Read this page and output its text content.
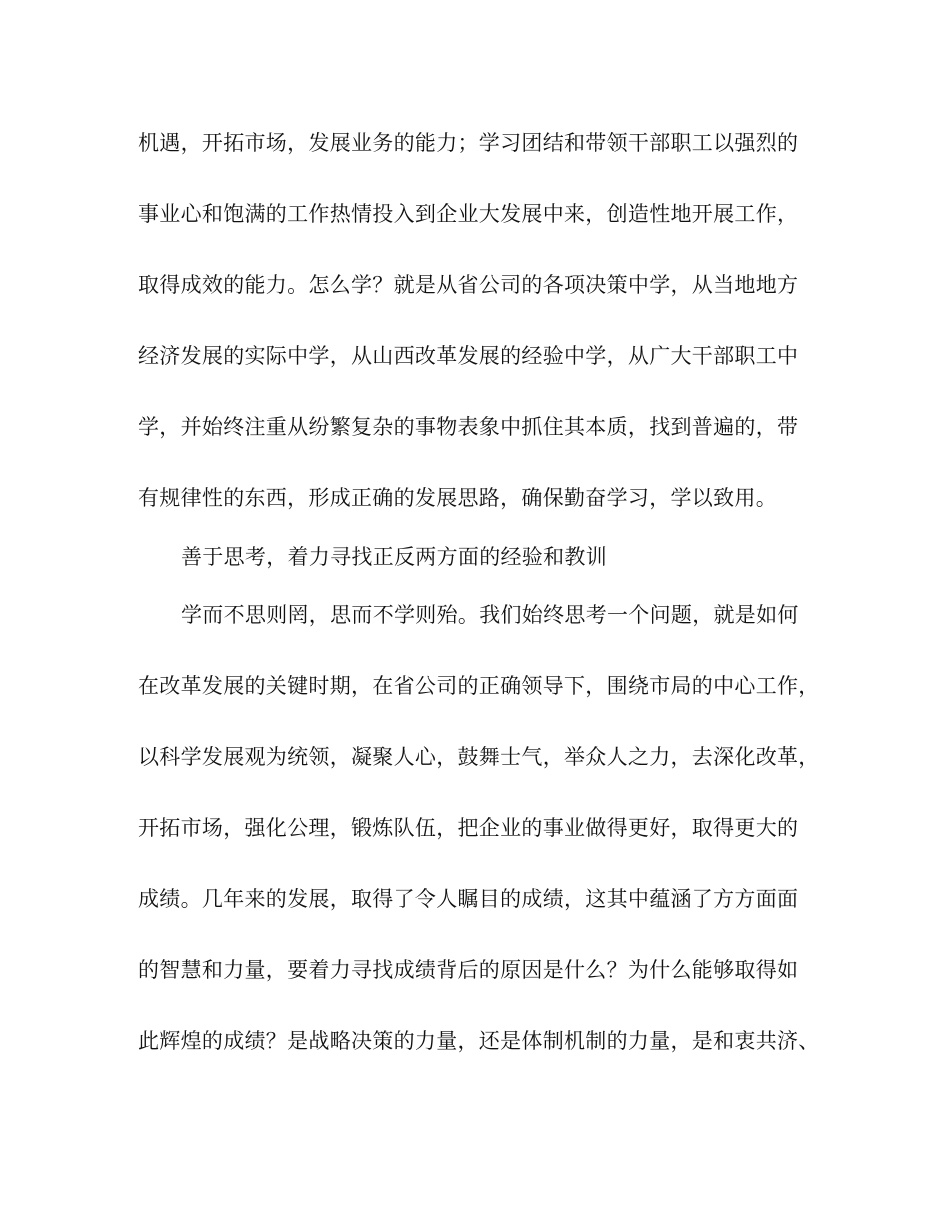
机遇，开拓市场，发展业务的能力；学习团结和带领干部职工以强烈的
事业心和饱满的工作热情投入到企业大发展中来，创造性地开展工作，
取得成效的能力。怎么学？就是从省公司的各项决策中学，从当地地方
经济发展的实际中学，从山西改革发展的经验中学，从广大干部职工中
学，并始终注重从纷繁复杂的事物表象中抓住其本质，找到普遍的，带
有规律性的东西，形成正确的发展思路，确保勤奋学习，学以致用。
善于思考，着力寻找正反两方面的经验和教训
学而不思则罔，思而不学则殆。我们始终思考一个问题，就是如何
在改革发展的关键时期，在省公司的正确领导下，围绕市局的中心工作，
以科学发展观为统领，凝聚人心，鼓舞士气，举众人之力，去深化改革，
开拓市场，强化公理，锻炼队伍，把企业的事业做得更好，取得更大的
成绩。几年来的发展，取得了令人瞩目的成绩，这其中蕴涵了方方面面
的智慧和力量，要着力寻找成绩背后的原因是什么？为什么能够取得如
此辉煌的成绩？是战略决策的力量，还是体制机制的力量，是和衷共济、
